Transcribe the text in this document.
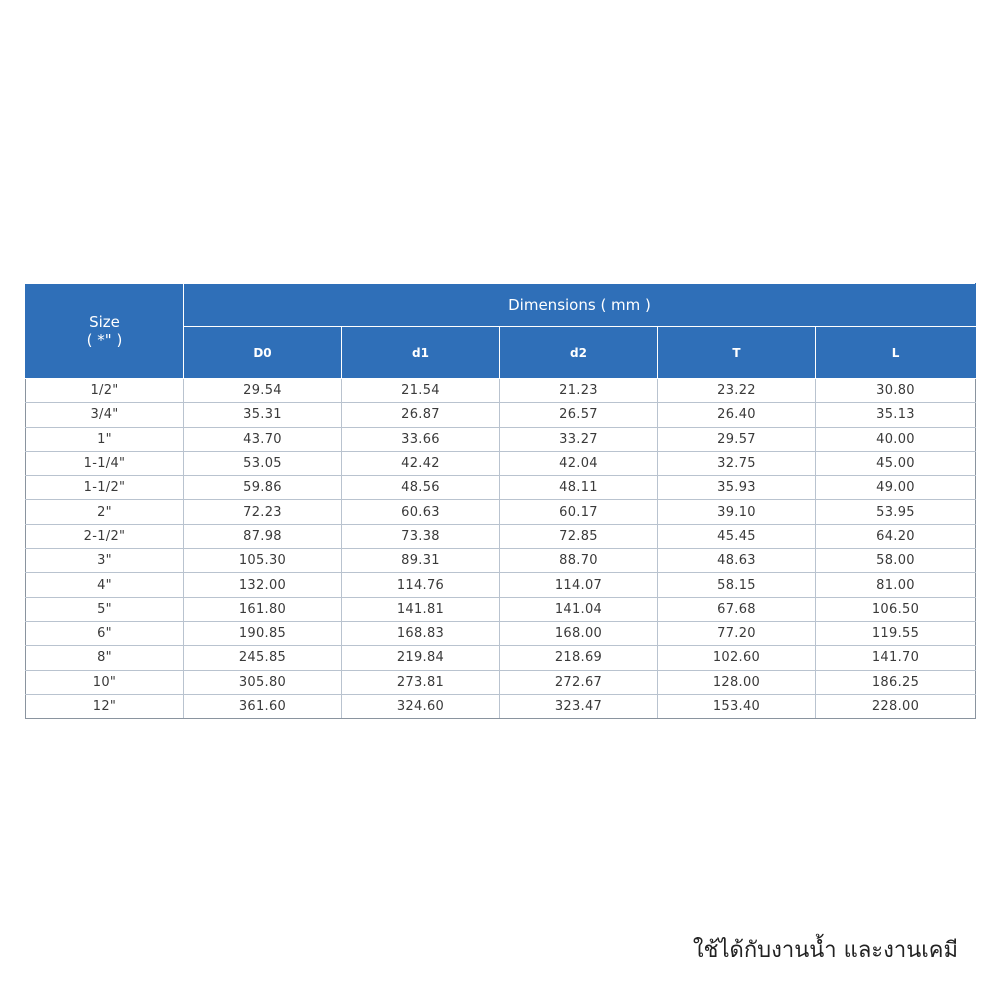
Size
( *" )	Dimensions ( mm )				
	D0	d1	d2	T	L
1/2"	29.54	21.54	21.23	23.22	30.80
3/4"	35.31	26.87	26.57	26.40	35.13
1"	43.70	33.66	33.27	29.57	40.00
1-1/4"	53.05	42.42	42.04	32.75	45.00
1-1/2"	59.86	48.56	48.11	35.93	49.00
2"	72.23	60.63	60.17	39.10	53.95
2-1/2"	87.98	73.38	72.85	45.45	64.20
3"	105.30	89.31	88.70	48.63	58.00
4"	132.00	114.76	114.07	58.15	81.00
5"	161.80	141.81	141.04	67.68	106.50
6"	190.85	168.83	168.00	77.20	119.55
8"	245.85	219.84	218.69	102.60	141.70
10"	305.80	273.81	272.67	128.00	186.25
12"	361.60	324.60	323.47	153.40	228.00
ใช้ได้กับงานน้ำ และงานเคมี
